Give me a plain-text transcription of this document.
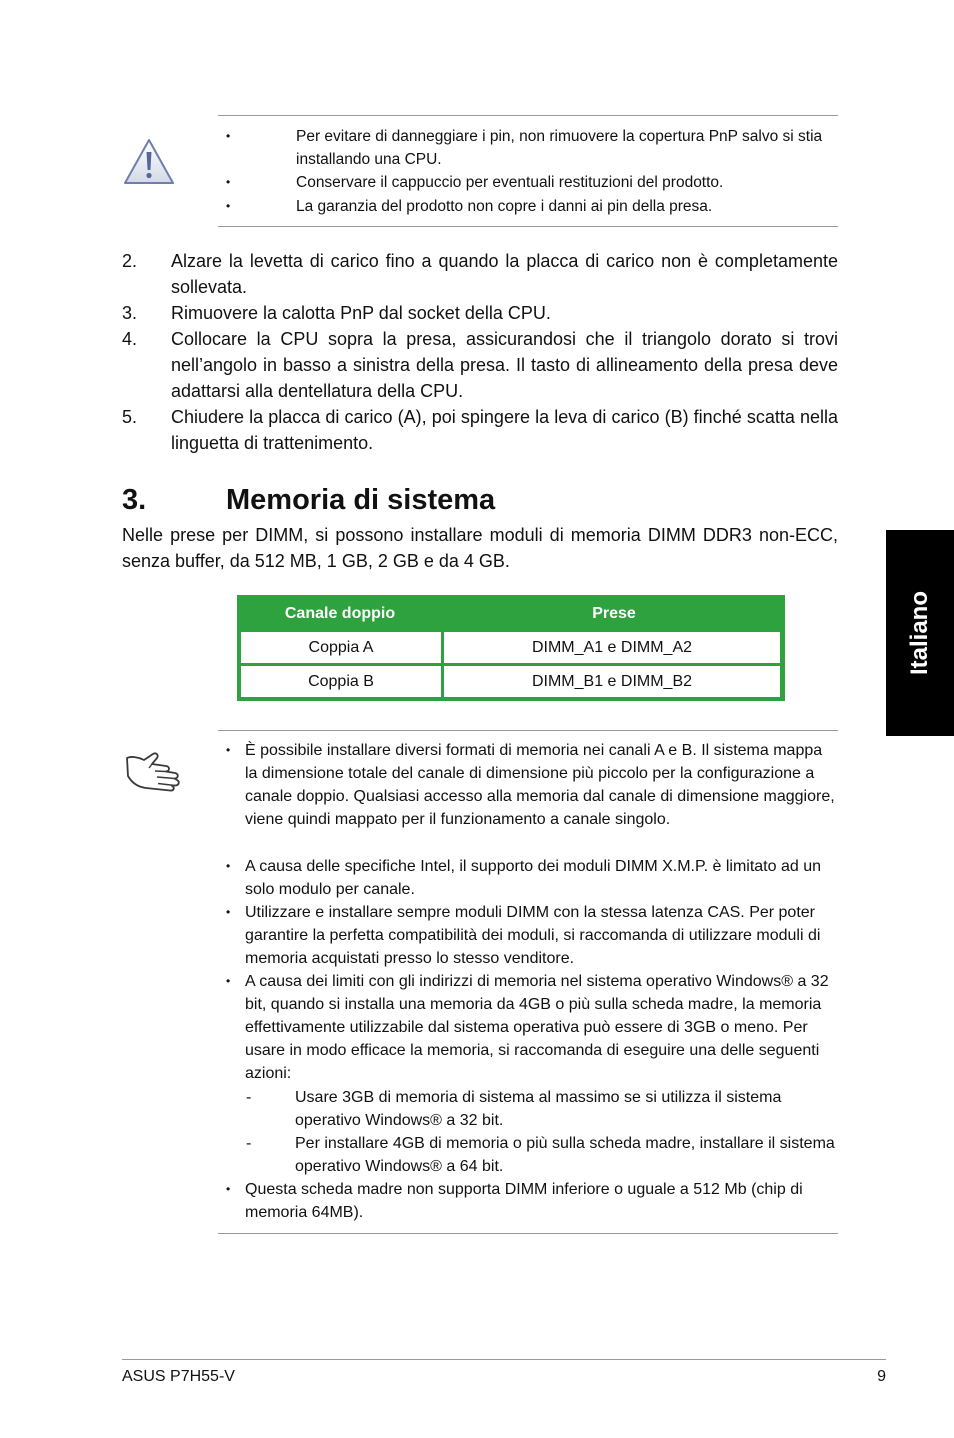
•	Per evitare di danneggiare i pin, non rimuovere la copertura PnP salvo si stia installando una CPU.
•	Conservare il cappuccio per eventuali restituzioni del prodotto.
•	La garanzia del prodotto non copre i danni ai pin della presa.
2. Alzare la levetta di carico fino a quando la placca di carico non è completamente sollevata.
3. Rimuovere la calotta PnP dal socket della CPU.
4. Collocare la CPU sopra la presa, assicurandosi che il triangolo dorato si trovi nell’angolo in basso a sinistra della presa. Il tasto di allineamento della presa deve adattarsi alla dentellatura della CPU.
5. Chiudere la placca di carico (A), poi spingere la leva di carico (B) finché scatta nella linguetta di trattenimento.
3.	Memoria di sistema
Nelle prese per DIMM, si possono installare moduli di memoria DIMM DDR3 non-ECC, senza buffer, da 512 MB, 1 GB, 2 GB e da 4 GB.
Italiano
Canale doppio	Prese
Coppia A	DIMM_A1 e DIMM_A2
Coppia B	DIMM_B1 e DIMM_B2
• È possibile installare diversi formati di memoria nei canali A e B. Il sistema mappa la dimensione totale del canale di dimensione più piccolo per la configurazione a canale doppio. Qualsiasi accesso alla memoria dal canale di dimensione maggiore, viene quindi mappato per il funzionamento a canale singolo.
• A causa delle specifiche Intel, il supporto dei moduli DIMM X.M.P. è limitato ad un solo modulo per canale.
• Utilizzare e installare sempre moduli DIMM con la stessa latenza CAS. Per poter garantire la perfetta compatibilità dei moduli, si raccomanda di utilizzare moduli di memoria acquistati presso lo stesso venditore.
• A causa dei limiti con gli indirizzi di memoria nel sistema operativo Windows® a 32 bit, quando si installa una memoria da 4GB o più sulla scheda madre, la memoria effettivamente utilizzabile dal sistema operativa può essere di 3GB o meno. Per usare in modo efficace la memoria, si raccomanda di eseguire una delle seguenti azioni:
-	Usare 3GB di memoria di sistema al massimo se si utilizza il sistema operativo Windows® a 32 bit.
-	Per installare 4GB di memoria o più sulla scheda madre, installare il sistema operativo Windows® a 64 bit.
• Questa scheda madre non supporta DIMM inferiore o uguale a 512 Mb (chip di memoria 64MB).
ASUS P7H55-V	9
